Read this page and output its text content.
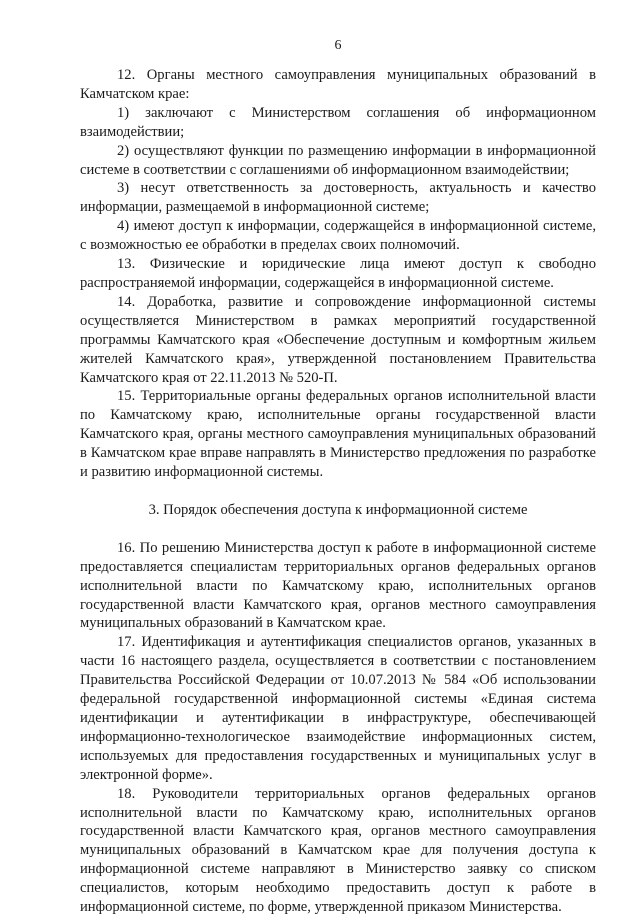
6

12. Органы местного самоуправления муниципальных образований в Камчатском крае:

1) заключают с Министерством соглашения об информационном взаимодействии;

2) осуществляют функции по размещению информации в информационной системе в соответствии с соглашениями об информационном взаимодействии;

3) несут ответственность за достоверность, актуальность и качество информации, размещаемой в информационной системе;

4) имеют доступ к информации, содержащейся в информационной системе, с возможностью ее обработки в пределах своих полномочий.

13. Физические и юридические лица имеют доступ к свободно распространяемой информации, содержащейся в информационной системе.

14. Доработка, развитие и сопровождение информационной системы осуществляется Министерством в рамках мероприятий государственной программы Камчатского края «Обеспечение доступным и комфортным жильем жителей Камчатского края», утвержденной постановлением Правительства Камчатского края от 22.11.2013 № 520-П.

15. Территориальные органы федеральных органов исполнительной власти по Камчатскому краю, исполнительные органы государственной власти Камчатского края, органы местного самоуправления муниципальных образований в Камчатском крае вправе направлять в Министерство предложения по разработке и развитию информационной системы.

3. Порядок обеспечения доступа к информационной системе

16. По решению Министерства доступ к работе в информационной системе предоставляется специалистам территориальных органов федеральных органов исполнительной власти по Камчатскому краю, исполнительных органов государственной власти Камчатского края, органов местного самоуправления муниципальных образований в Камчатском крае.

17. Идентификация и аутентификация специалистов органов, указанных в части 16 настоящего раздела, осуществляется в соответствии с постановлением Правительства Российской Федерации от 10.07.2013 № 584 «Об использовании федеральной государственной информационной системы «Единая система идентификации и аутентификации в инфраструктуре, обеспечивающей информационно-технологическое взаимодействие информационных систем, используемых для предоставления государственных и муниципальных услуг в электронной форме».

18. Руководители территориальных органов федеральных органов исполнительной власти по Камчатскому краю, исполнительных органов государственной власти Камчатского края, органов местного самоуправления муниципальных образований в Камчатском крае для получения доступа к информационной системе направляют в Министерство заявку со списком специалистов, которым необходимо предоставить доступ к работе в информационной системе, по форме, утвержденной приказом Министерства.
